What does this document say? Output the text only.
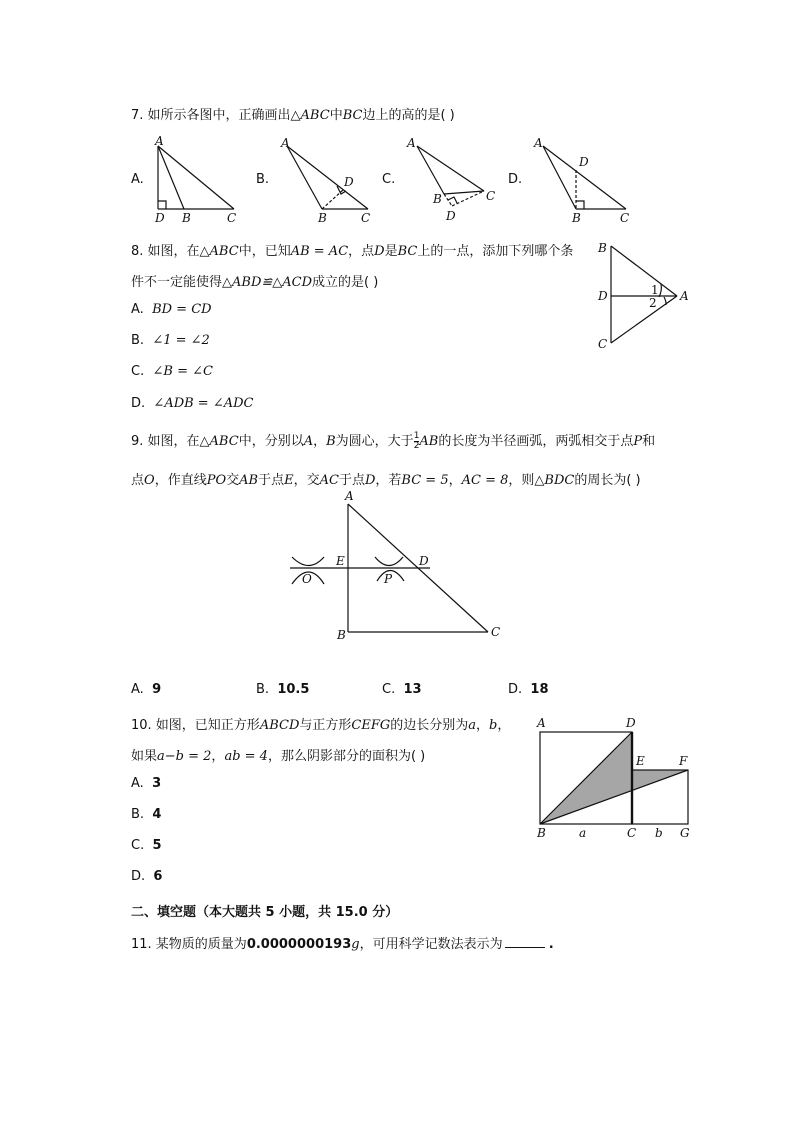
7. 如所示各图中，正确画出△ABC中BC边上的高的是( )
A.	B.	C.	D.
A
D B	C
A
D
B	C
A
B	C
D
A
D
B	C
8. 如图，在△ABC中，已知AB = AC，点D是BC上的一点，添加下列哪个条
件不一定能使得△ABD≌△ACD成立的是( )
A. BD = CD
B. ∠1 = ∠2
C. ∠B = ∠C
D. ∠ADB = ∠ADC
B
D
C
A
1
2
9. 如图，在△ABC中，分别以A，B为圆心，大于 $\frac{1}{2}$ AB的长度为半径画弧，两弧相交于点P和
点O，作直线PO交AB于点E，交AC于点D，若BC = 5，AC = 8，则△BDC的周长为( )
A
E	D
O	P
B	C
A. 9	B. 10.5	C. 13	D. 18
10. 如图，已知正方形ABCD与正方形CEFG的边长分别为a，b，
如果a−b = 2，ab = 4，那么阴影部分的面积为( )
A. 3
B. 4
C. 5
D. 6
A	D
E	F
B	a	C b G
二、填空题（本大题共 5 小题，共 15.0 分）
11. 某物质的质量为0.0000000193g，可用科学记数法表示为	.
